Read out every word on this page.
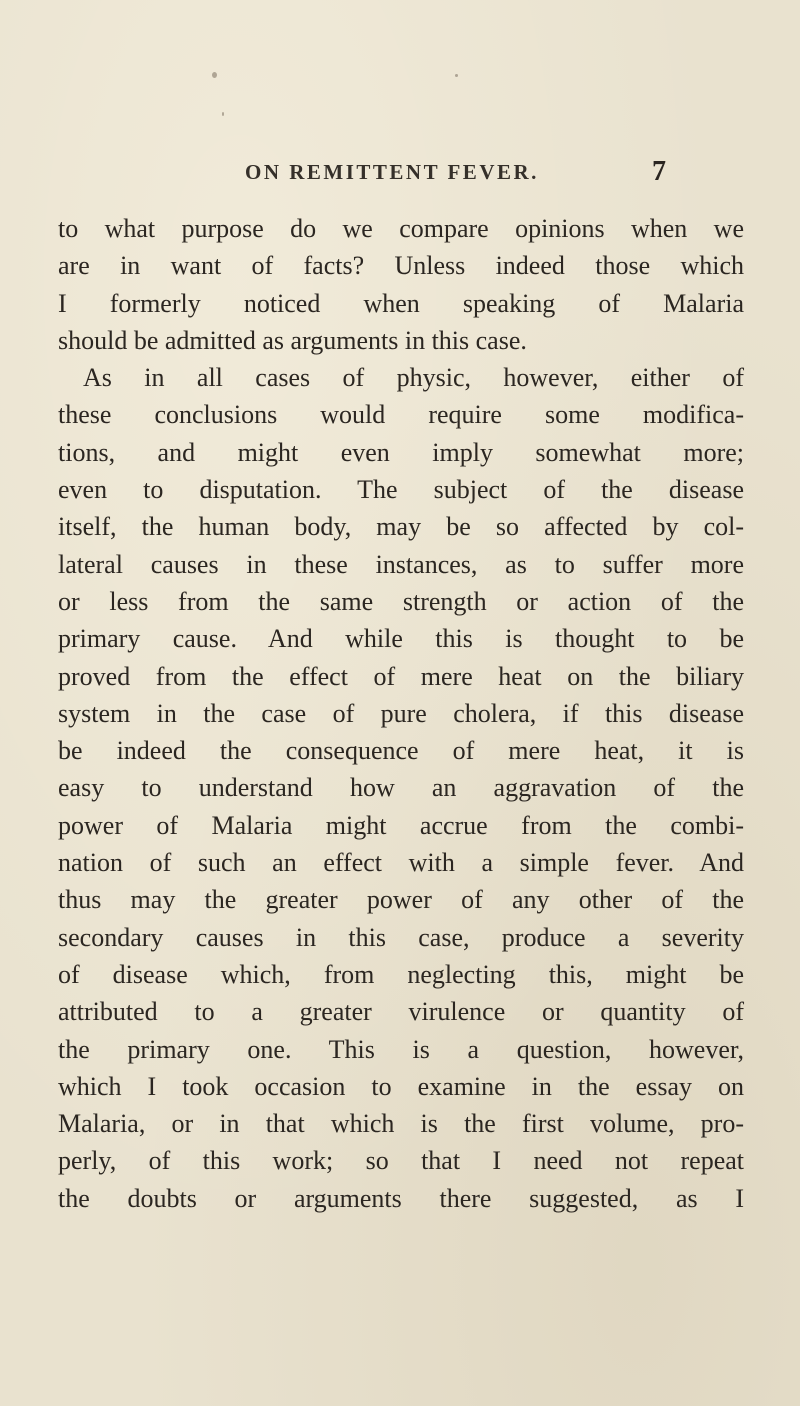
ON REMITTENT FEVER.	7
to what purpose do we compare opinions when we
are in want of facts? Unless indeed those which
I formerly noticed when speaking of Malaria
should be admitted as arguments in this case.
As in all cases of physic, however, either of
these conclusions would require some modifica-
tions, and might even imply somewhat more;
even to disputation. The subject of the disease
itself, the human body, may be so affected by col-
lateral causes in these instances, as to suffer more
or less from the same strength or action of the
primary cause. And while this is thought to be
proved from the effect of mere heat on the biliary
system in the case of pure cholera, if this disease
be indeed the consequence of mere heat, it is
easy to understand how an aggravation of the
power of Malaria might accrue from the combi-
nation of such an effect with a simple fever. And
thus may the greater power of any other of the
secondary causes in this case, produce a severity
of disease which, from neglecting this, might be
attributed to a greater virulence or quantity of
the primary one. This is a question, however,
which I took occasion to examine in the essay on
Malaria, or in that which is the first volume, pro-
perly, of this work; so that I need not repeat
the doubts or arguments there suggested, as I
